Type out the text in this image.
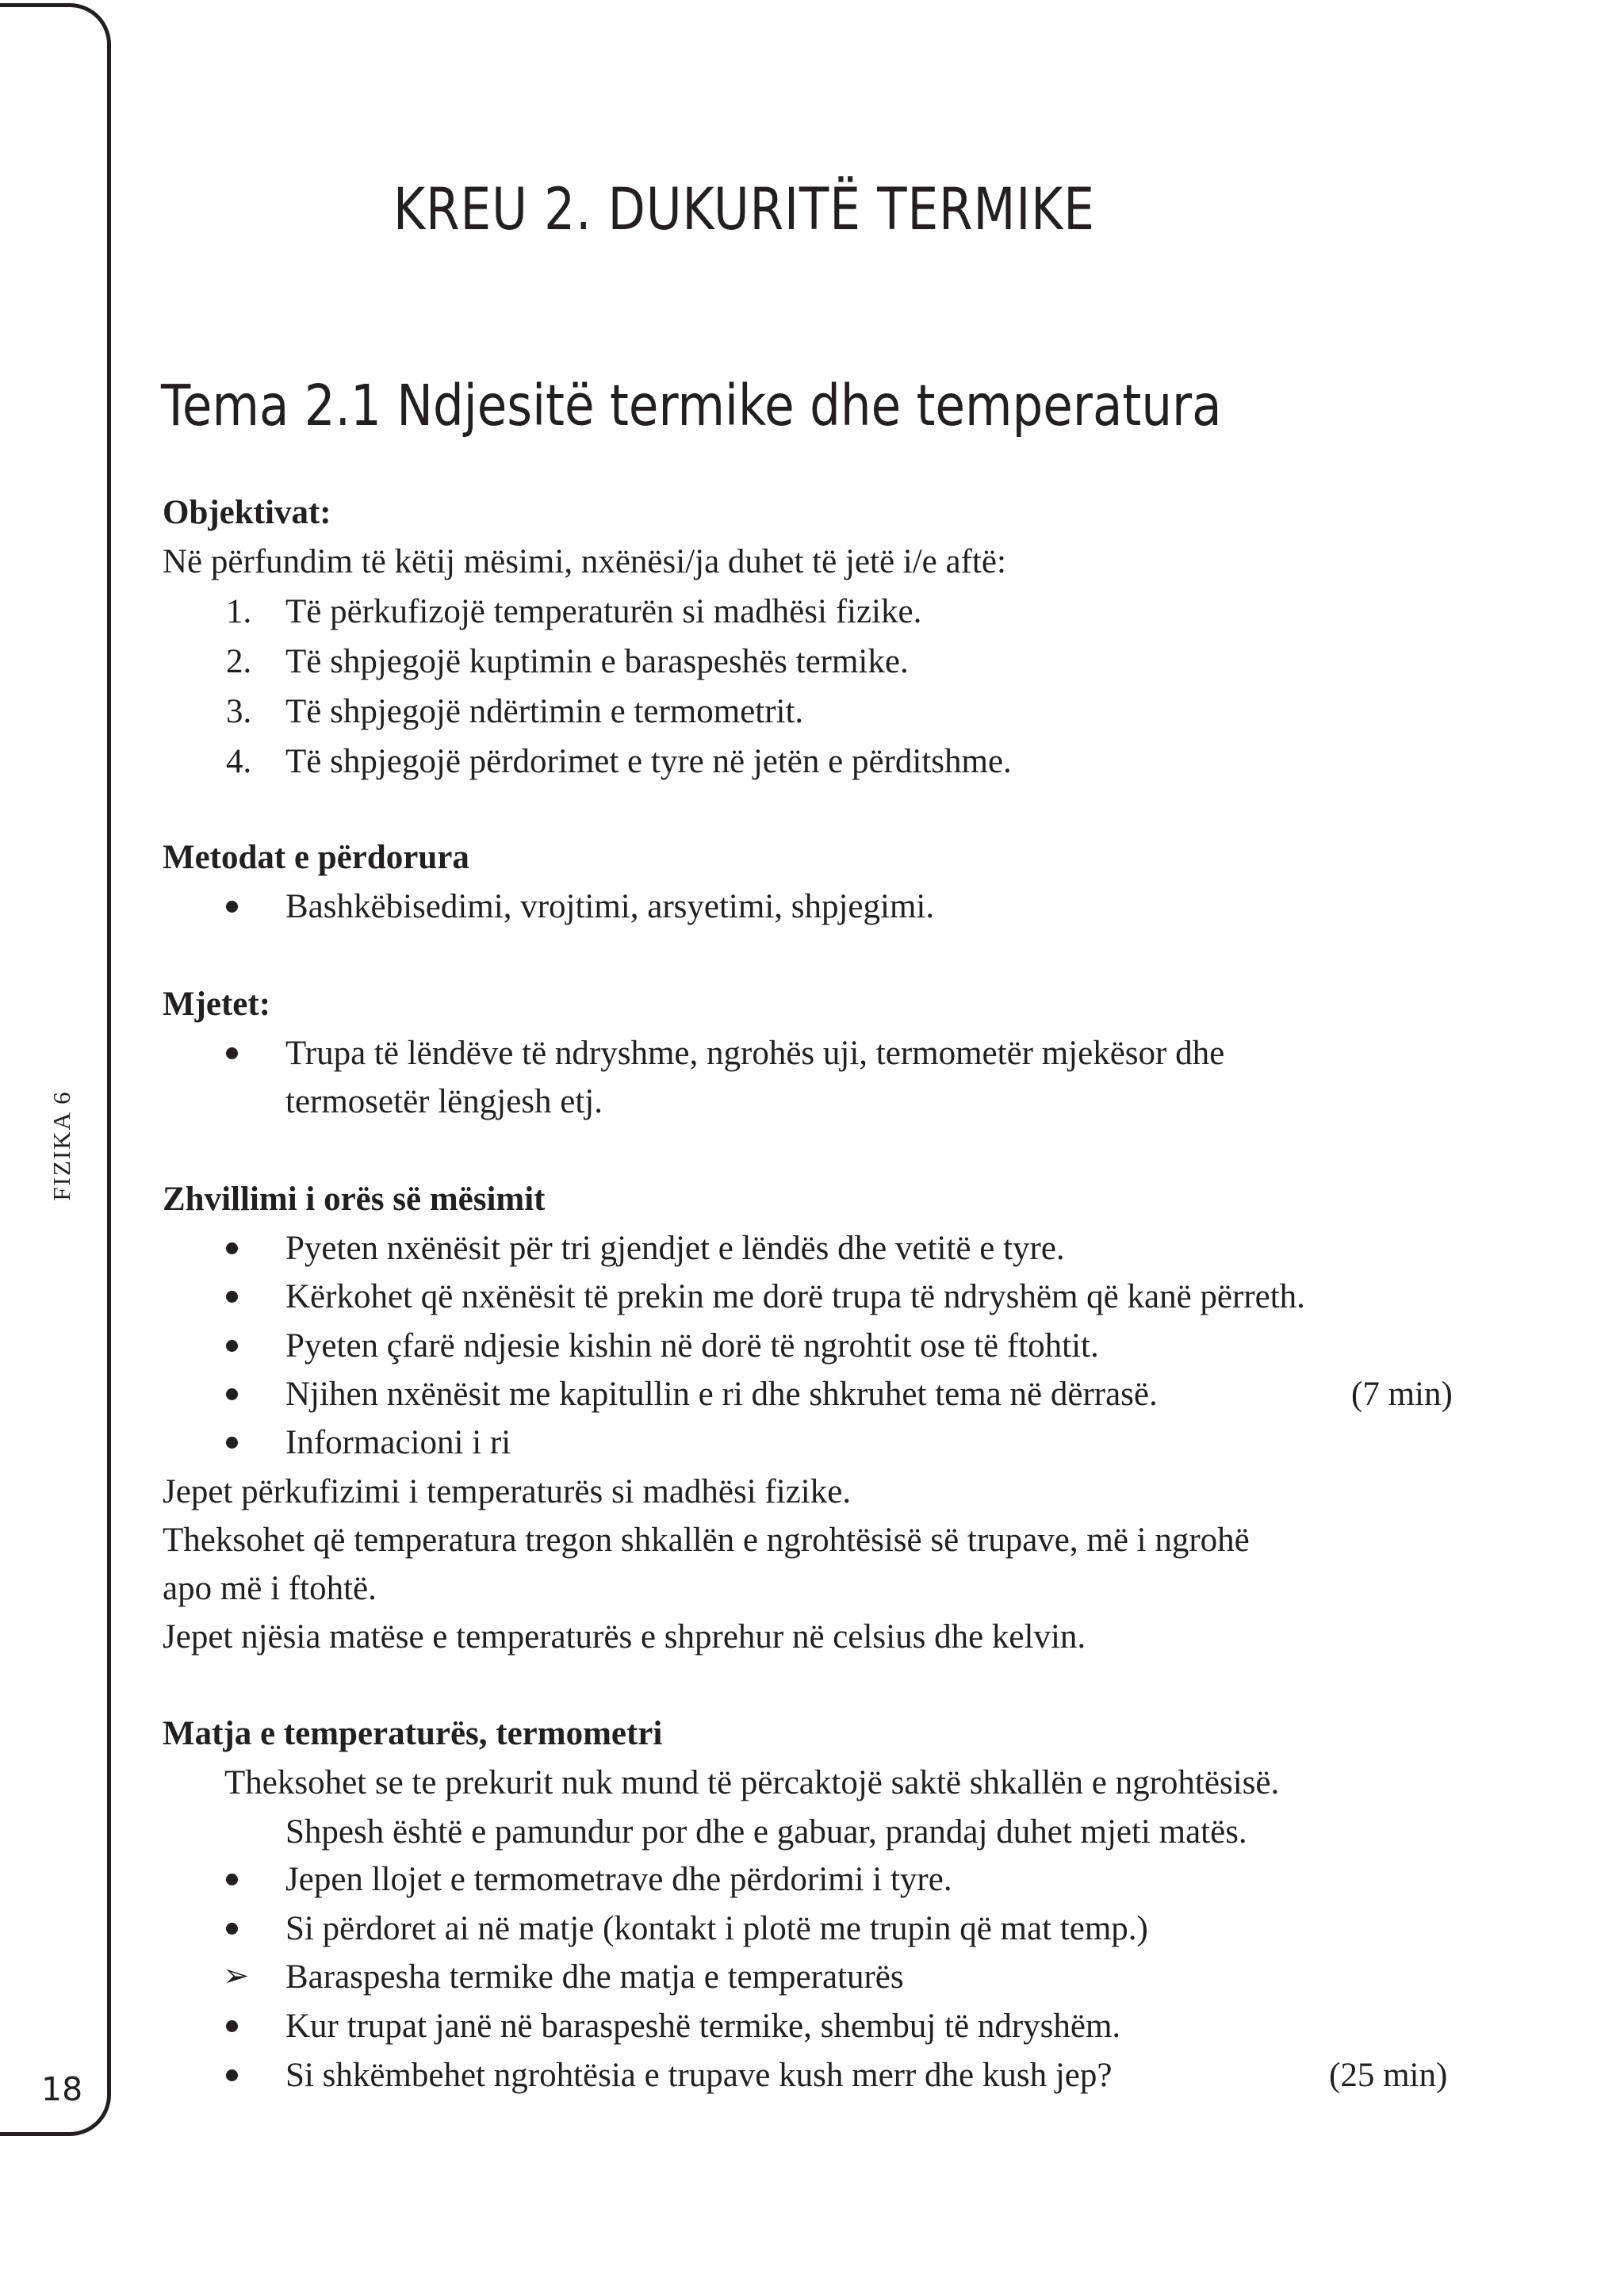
FIZIKA 6
18
KREU 2. DUKURITË TERMIKE
Tema 2.1 Ndjesitë termike dhe temperatura
Objektivat:
Në përfundim të këtij mësimi, nxënësi/ja duhet të jetë i/e aftë:
1. Të përkufizojë temperaturën si madhësi fizike.
2. Të shpjegojë kuptimin e baraspeshës termike.
3. Të shpjegojë ndërtimin e termometrit.
4. Të shpjegojë përdorimet e tyre në jetën e përditshme.
Metodat e përdorura
Bashkëbisedimi, vrojtimi, arsyetimi, shpjegimi.
Mjetet:
Trupa të lëndëve të ndryshme, ngrohës uji, termometër mjekësor dhe
termosetër lëngjesh etj.
Zhvillimi i orës së mësimit
Pyeten nxënësit për tri gjendjet e lëndës dhe vetitë e tyre.
Kërkohet që nxënësit të prekin me dorë trupa të ndryshëm që kanë përreth.
Pyeten çfarë ndjesie kishin në dorë të ngrohtit ose të ftohtit.
Njihen nxënësit me kapitullin e ri dhe shkruhet tema në dërrasë.	(7 min)
Informacioni i ri
Jepet përkufizimi i temperaturës si madhësi fizike.
Theksohet që temperatura tregon shkallën e ngrohtësisë së trupave, më i ngrohë
apo më i ftohtë.
Jepet njësia matëse e temperaturës e shprehur në celsius dhe kelvin.
Matja e temperaturës, termometri
Theksohet se te prekurit nuk mund të përcaktojë saktë shkallën e ngrohtësisë.
Shpesh është e pamundur por dhe e gabuar, prandaj duhet mjeti matës.
Jepen llojet e termometrave dhe përdorimi i tyre.
Si përdoret ai në matje (kontakt i plotë me trupin që mat temp.)
➢ Baraspesha termike dhe matja e temperaturës
Kur trupat janë në baraspeshë termike, shembuj të ndryshëm.
Si shkëmbehet ngrohtësia e trupave kush merr dhe kush jep?	(25 min)
